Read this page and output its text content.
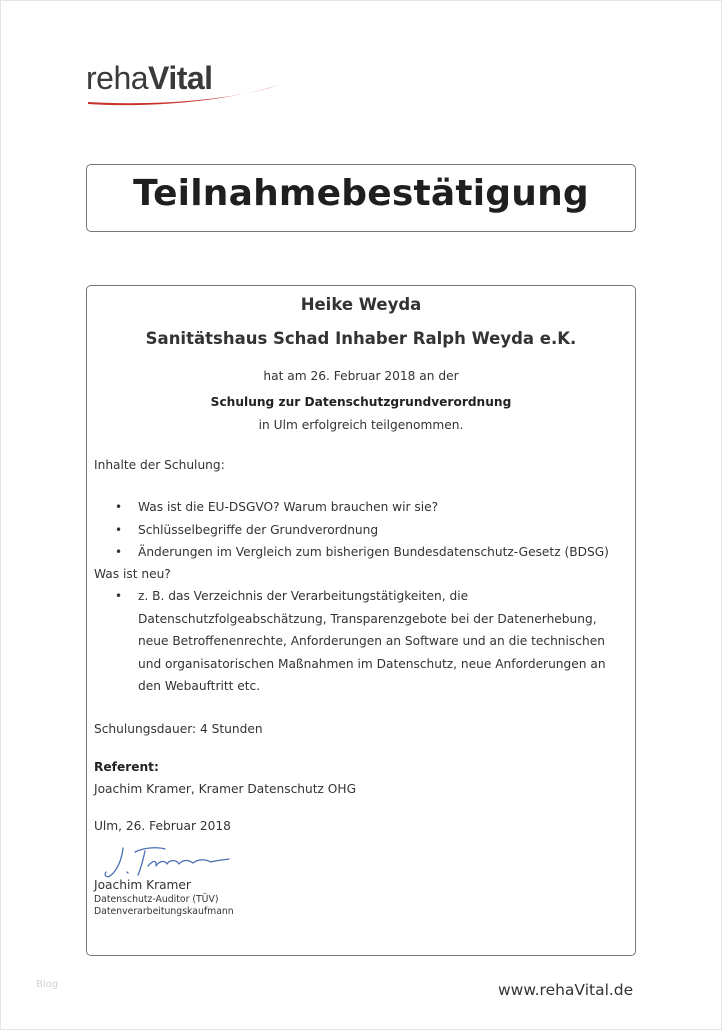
rehaVital
Teilnahmebestätigung
Heike Weyda
Sanitätshaus Schad Inhaber Ralph Weyda e.K.
hat am 26. Februar 2018 an der
Schulung zur Datenschutzgrundverordnung
in Ulm erfolgreich teilgenommen.
Inhalte der Schulung:
• Was ist die EU-DSGVO? Warum brauchen wir sie?
• Schlüsselbegriffe der Grundverordnung
• Änderungen im Vergleich zum bisherigen Bundesdatenschutz-Gesetz (BDSG)
Was ist neu?
• z. B. das Verzeichnis der Verarbeitungstätigkeiten, die
Datenschutzfolgeabschätzung, Transparenzgebote bei der Datenerhebung,
neue Betroffenenrechte, Anforderungen an Software und an die technischen
und organisatorischen Maßnahmen im Datenschutz, neue Anforderungen an
den Webauftritt etc.
Schulungsdauer: 4 Stunden
Referent:
Joachim Kramer, Kramer Datenschutz OHG
Ulm, 26. Februar 2018
Joachim Kramer
Datenschutz-Auditor (TÜV)
Datenverarbeitungskaufmann
Blog	www.rehaVital.de
